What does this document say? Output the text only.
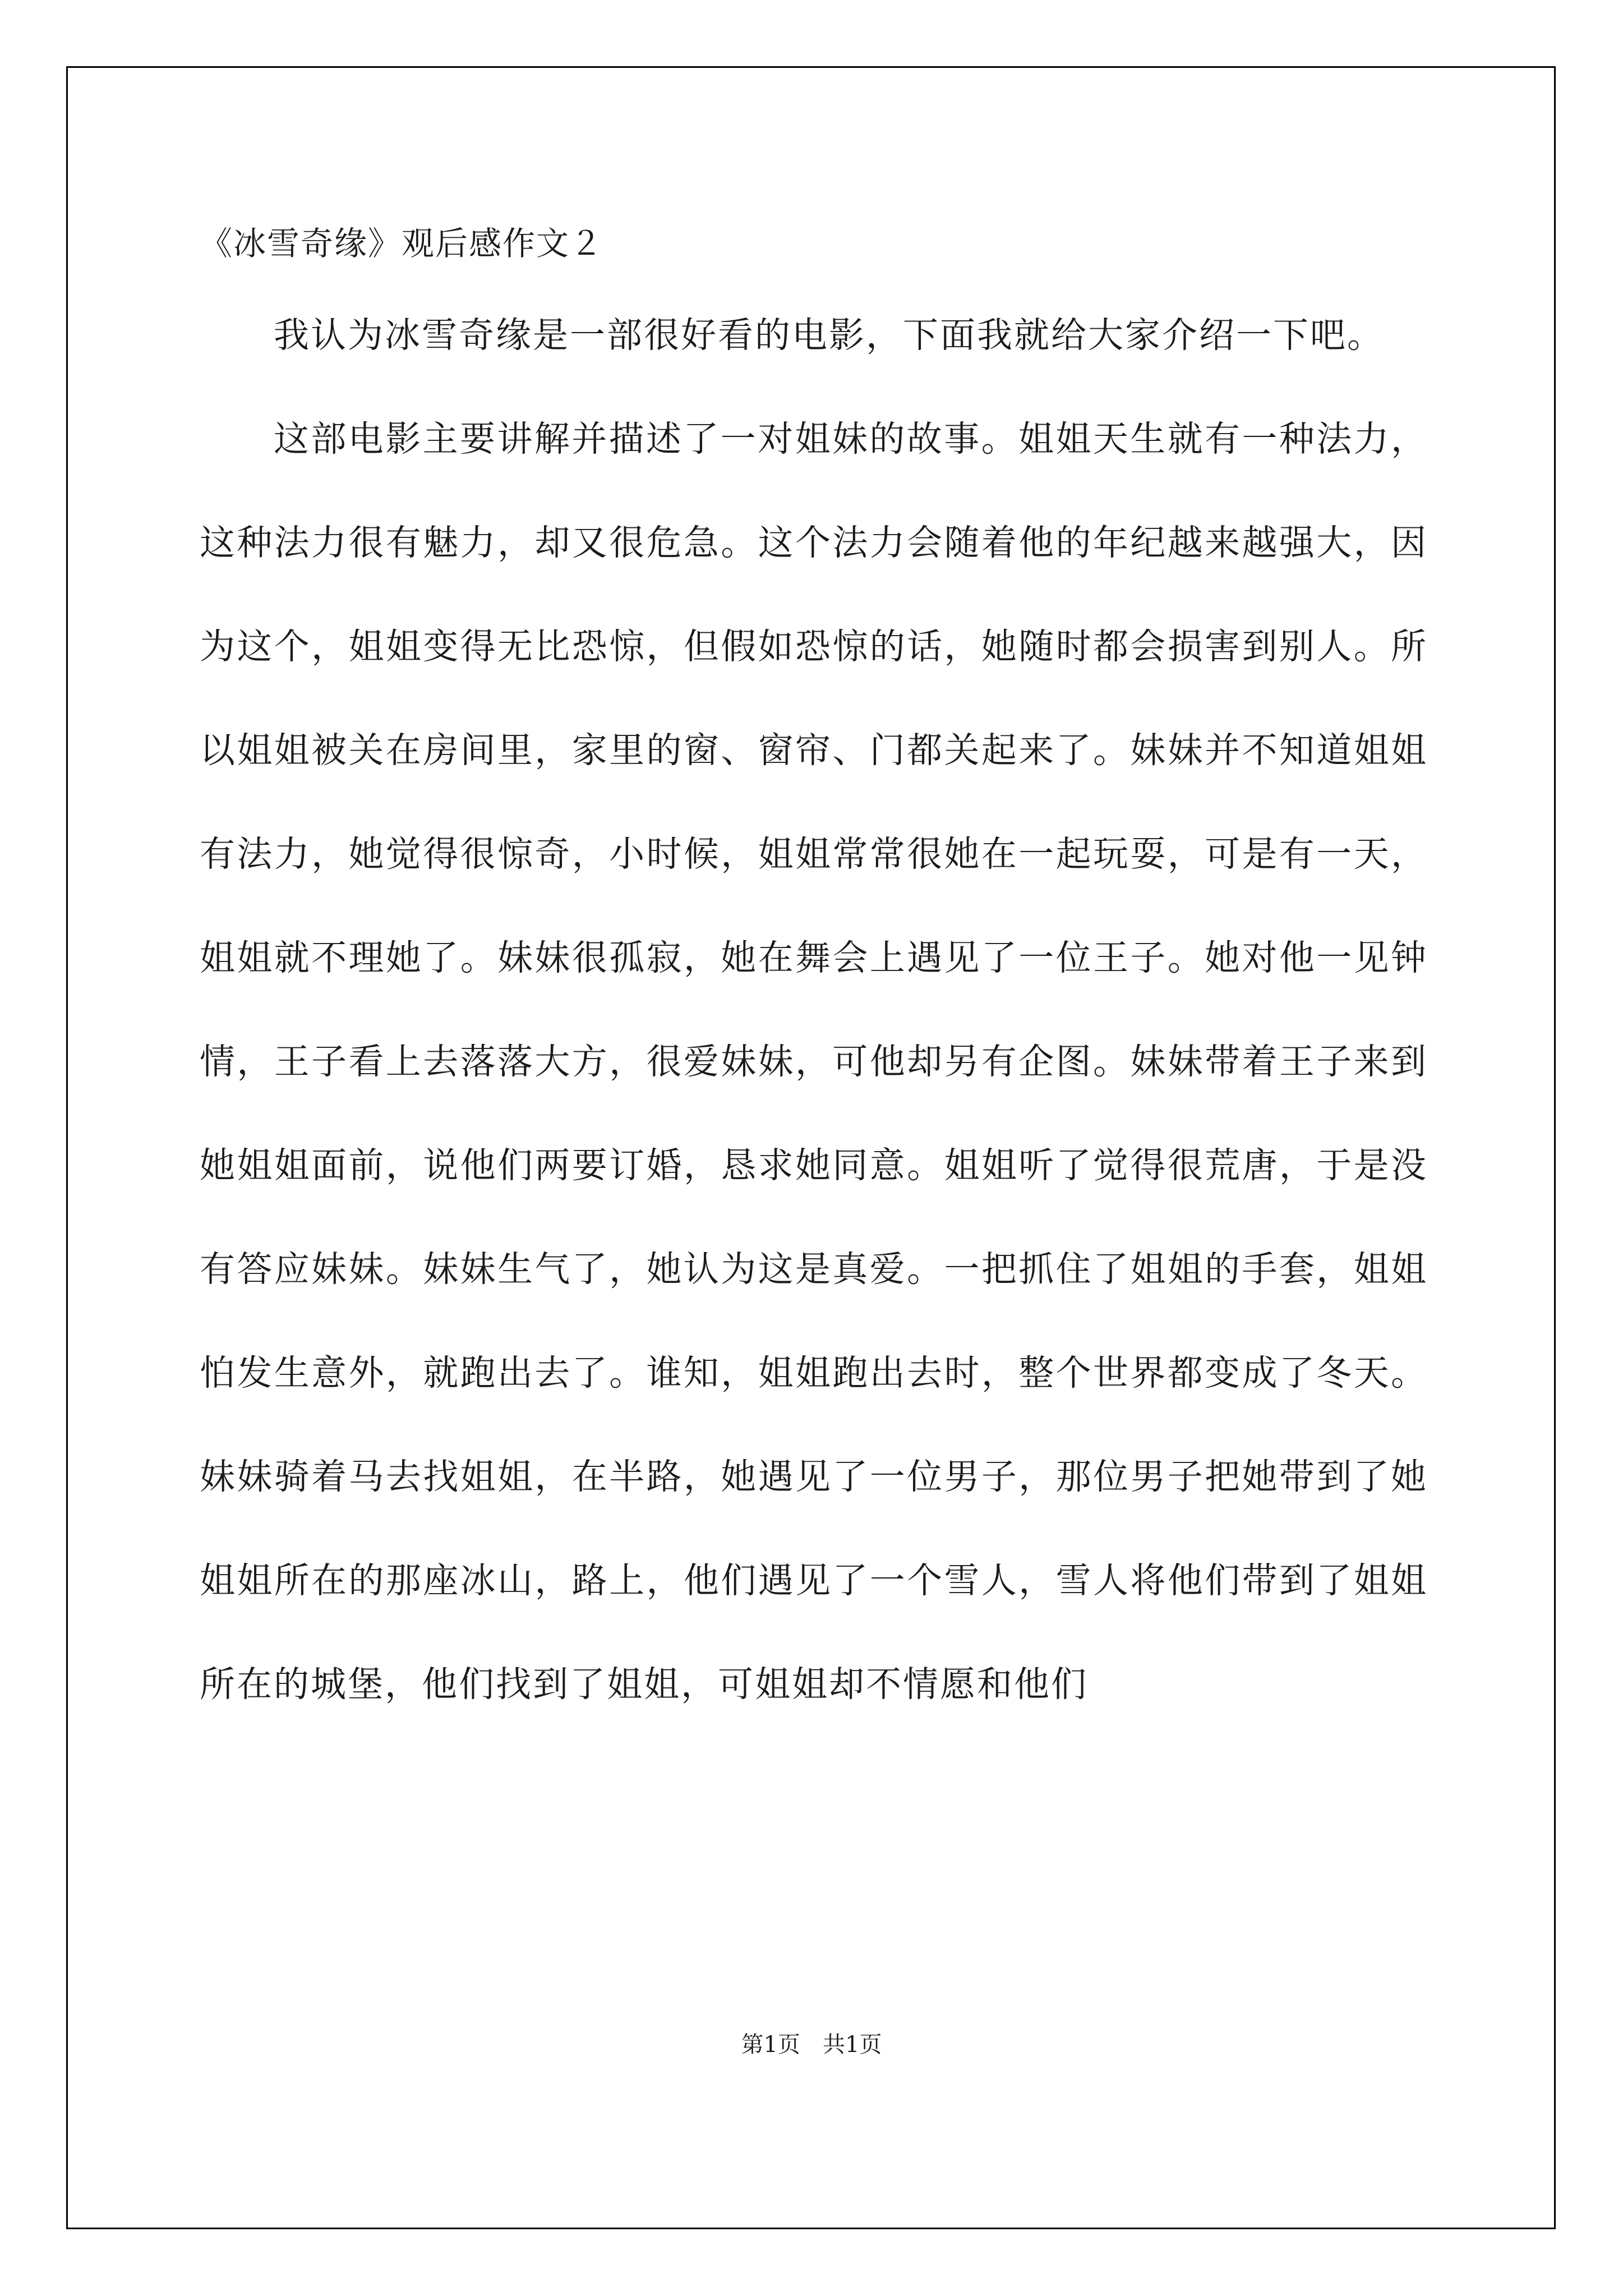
《冰雪奇缘》观后感作文２

我认为冰雪奇缘是一部很好看的电影，下面我就给大家介绍一下吧。

这部电影主要讲解并描述了一对姐妹的故事。姐姐天生就有一种法力，这种法力很有魅力，却又很危急。这个法力会随着他的年纪越来越强大，因为这个，姐姐变得无比恐惊，但假如恐惊的话，她随时都会损害到别人。所以姐姐被关在房间里，家里的窗、窗帘、门都关起来了。妹妹并不知道姐姐有法力，她觉得很惊奇，小时候，姐姐常常很她在一起玩耍，可是有一天，姐姐就不理她了。妹妹很孤寂，她在舞会上遇见了一位王子。她对他一见钟情，王子看上去落落大方，很爱妹妹，可他却另有企图。妹妹带着王子来到她姐姐面前，说他们两要订婚，恳求她同意。姐姐听了觉得很荒唐，于是没有答应妹妹。妹妹生气了，她认为这是真爱。一把抓住了姐姐的手套，姐姐怕发生意外，就跑出去了。谁知，姐姐跑出去时，整个世界都变成了冬天。妹妹骑着马去找姐姐，在半路，她遇见了一位男子，那位男子把她带到了她姐姐所在的那座冰山，路上，他们遇见了一个雪人，雪人将他们带到了姐姐所在的城堡，他们找到了姐姐，可姐姐却不情愿和他们

第1页　共1页
